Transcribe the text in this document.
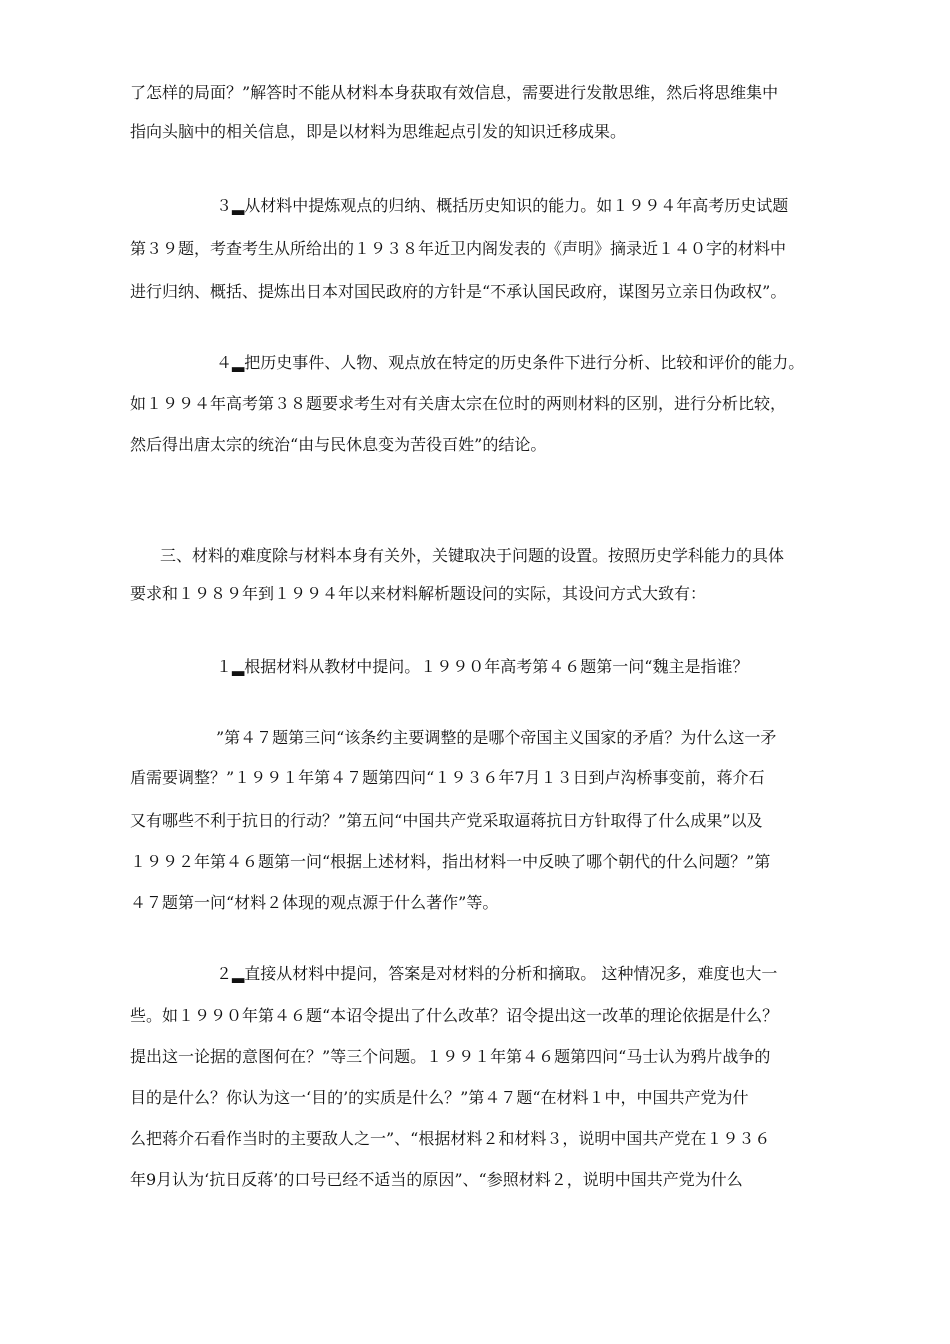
了怎样的局面？”解答时不能从材料本身获取有效信息，需要进行发散思维，然后将思维集中
指向头脑中的相关信息，即是以材料为思维起点引发的知识迁移成果。
３▂从材料中提炼观点的归纳、概括历史知识的能力。如１９９４年高考历史试题
第３９题，考查考生从所给出的１９３８年近卫内阁发表的《声明》摘录近１４０字的材料中
进行归纳、概括、提炼出日本对国民政府的方针是“不承认国民政府，谋图另立亲日伪政权”。
４▂把历史事件、人物、观点放在特定的历史条件下进行分析、比较和评价的能力。
如１９９４年高考第３８题要求考生对有关唐太宗在位时的两则材料的区别，进行分析比较，
然后得出唐太宗的统治“由与民休息变为苦役百姓”的结论。
三、材料的难度除与材料本身有关外，关键取决于问题的设置。按照历史学科能力的具体
要求和１９８９年到１９９４年以来材料解析题设问的实际，其设问方式大致有：
１▂根据材料从教材中提问。１９９０年高考第４６题第一问“魏主是指谁？
”第４７题第三问“该条约主要调整的是哪个帝国主义国家的矛盾？为什么这一矛
盾需要调整？”１９９１年第４７题第四问“１９３６年7月１３日到卢沟桥事变前，蒋介石
又有哪些不利于抗日的行动？”第五问“中国共产党采取逼蒋抗日方针取得了什么成果”以及
１９９２年第４６题第一问“根据上述材料，指出材料一中反映了哪个朝代的什么问题？”第
４７题第一问“材料２体现的观点源于什么著作”等。
２▂直接从材料中提问，答案是对材料的分析和摘取。 这种情况多，难度也大一
些。如１９９０年第４６题“本诏令提出了什么改革？诏令提出这一改革的理论依据是什么？
提出这一论据的意图何在？”等三个问题。１９９１年第４６题第四问“马士认为鸦片战争的
目的是什么？你认为这一‘目的’的实质是什么？”第４７题“在材料１中，中国共产党为什
么把蒋介石看作当时的主要敌人之一”、“根据材料２和材料３，说明中国共产党在１９３６
年9月认为‘抗日反蒋’的口号已经不适当的原因”、“参照材料２，说明中国共产党为什么
